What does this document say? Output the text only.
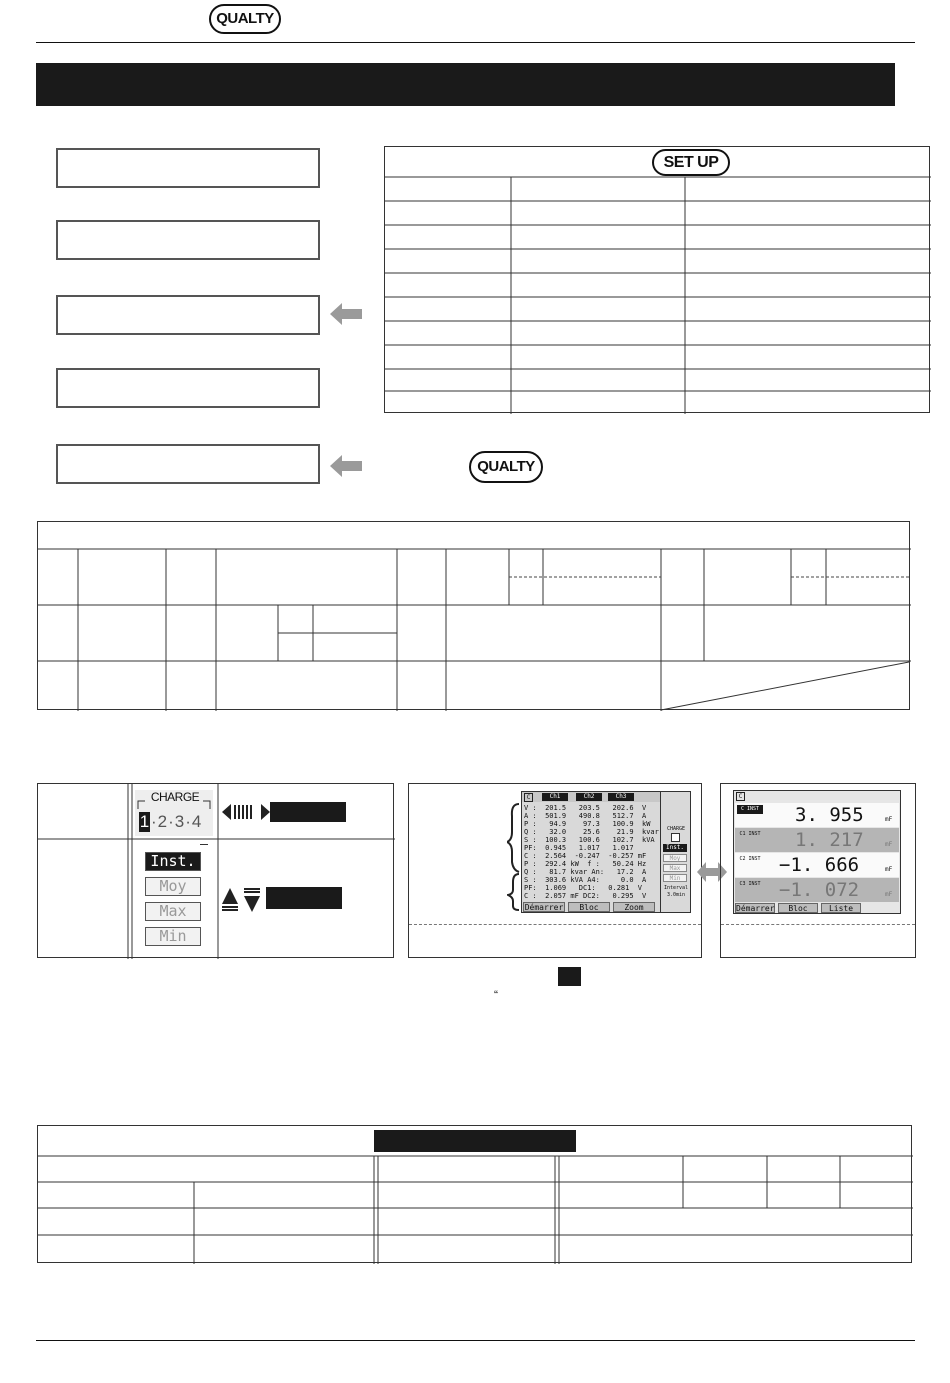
QUALTY
QUALTY
SET UP
CHARGE
1 ·2·3·4
Inst.
Moy
Max
Min
C	Ch1	Ch2	Ch3
V :  201.5   203.5   202.6  V
A :  501.9   490.8   512.7  A
P :   94.9    97.3   100.9  kW
Q :   32.0    25.6    21.9  kvar
S :  100.3   100.6   102.7  kVA
PF:  0.945   1.017   1.017
C :  2.564  -0.247  -0.257 mF
P :  292.4 kW  f :   50.24 Hz
Q :   81.7 kvar An:   17.2  A
S :  303.6 kVA A4:     0.0  A
PF:  1.069   DC1:   0.281  V
C :  2.057 mF DC2:   0.295  V
Démarrer	Bloc	Zoom
CHARGE
Inst.
Moy
Max
Min
Interval
3.0min
C
C INST 3. 955	mF
C1 INST 1. 217	mF
C2 INST −1. 666	mF
C3 INST −1. 072	mF
Démarrer	Bloc	Liste
“
